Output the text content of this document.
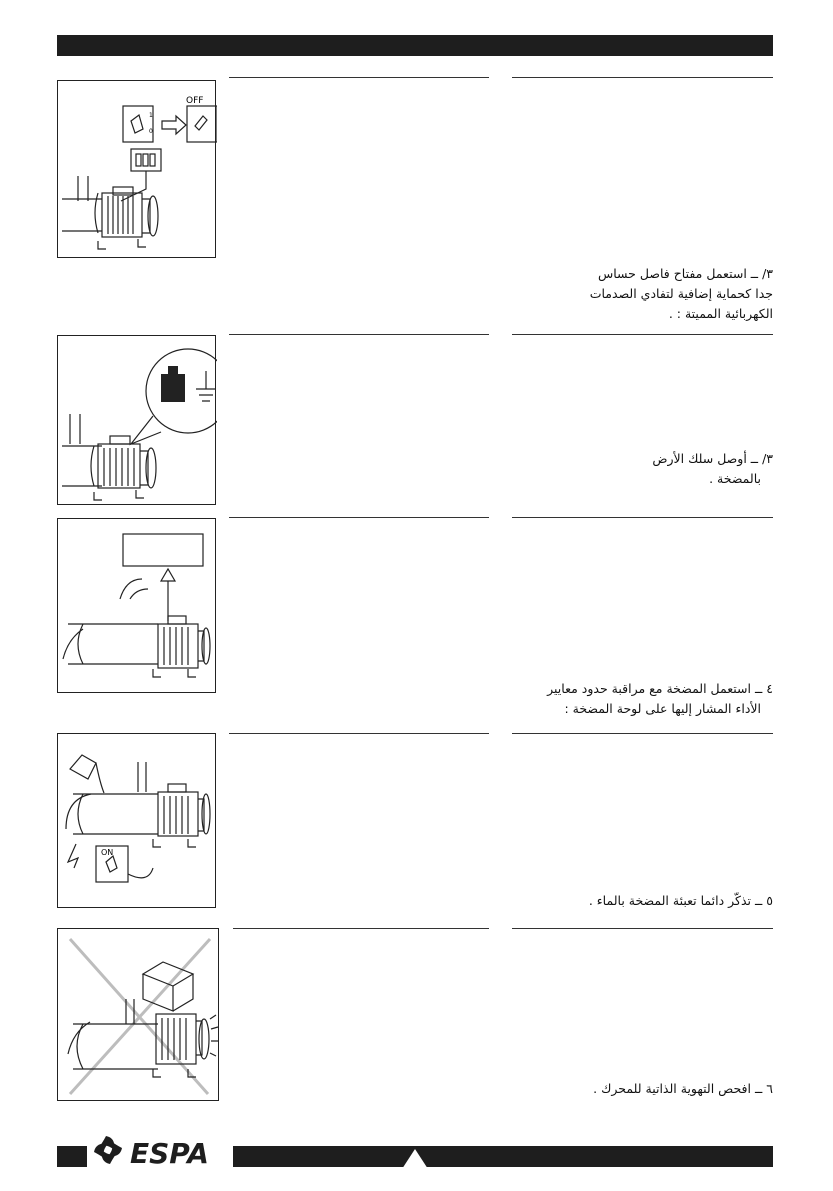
OFF
1
0
٣/ ــ استعمل مفتاح فاصل حساس
جدا كحماية إضافية لتفادي الصدمات
الكهربائية المميتة : .
٣/ ــ أوصل سلك الأرض
بالمضخة .
٤ ــ استعمل المضخة مع مراقبة حدود معايير
الأداء المشار إليها على لوحة المضخة :
ON
٥ ــ تذكّر دائما تعبئة المضخة بالماء .
٦ ــ افحص التهوية الذاتية للمحرك .
ESPA
